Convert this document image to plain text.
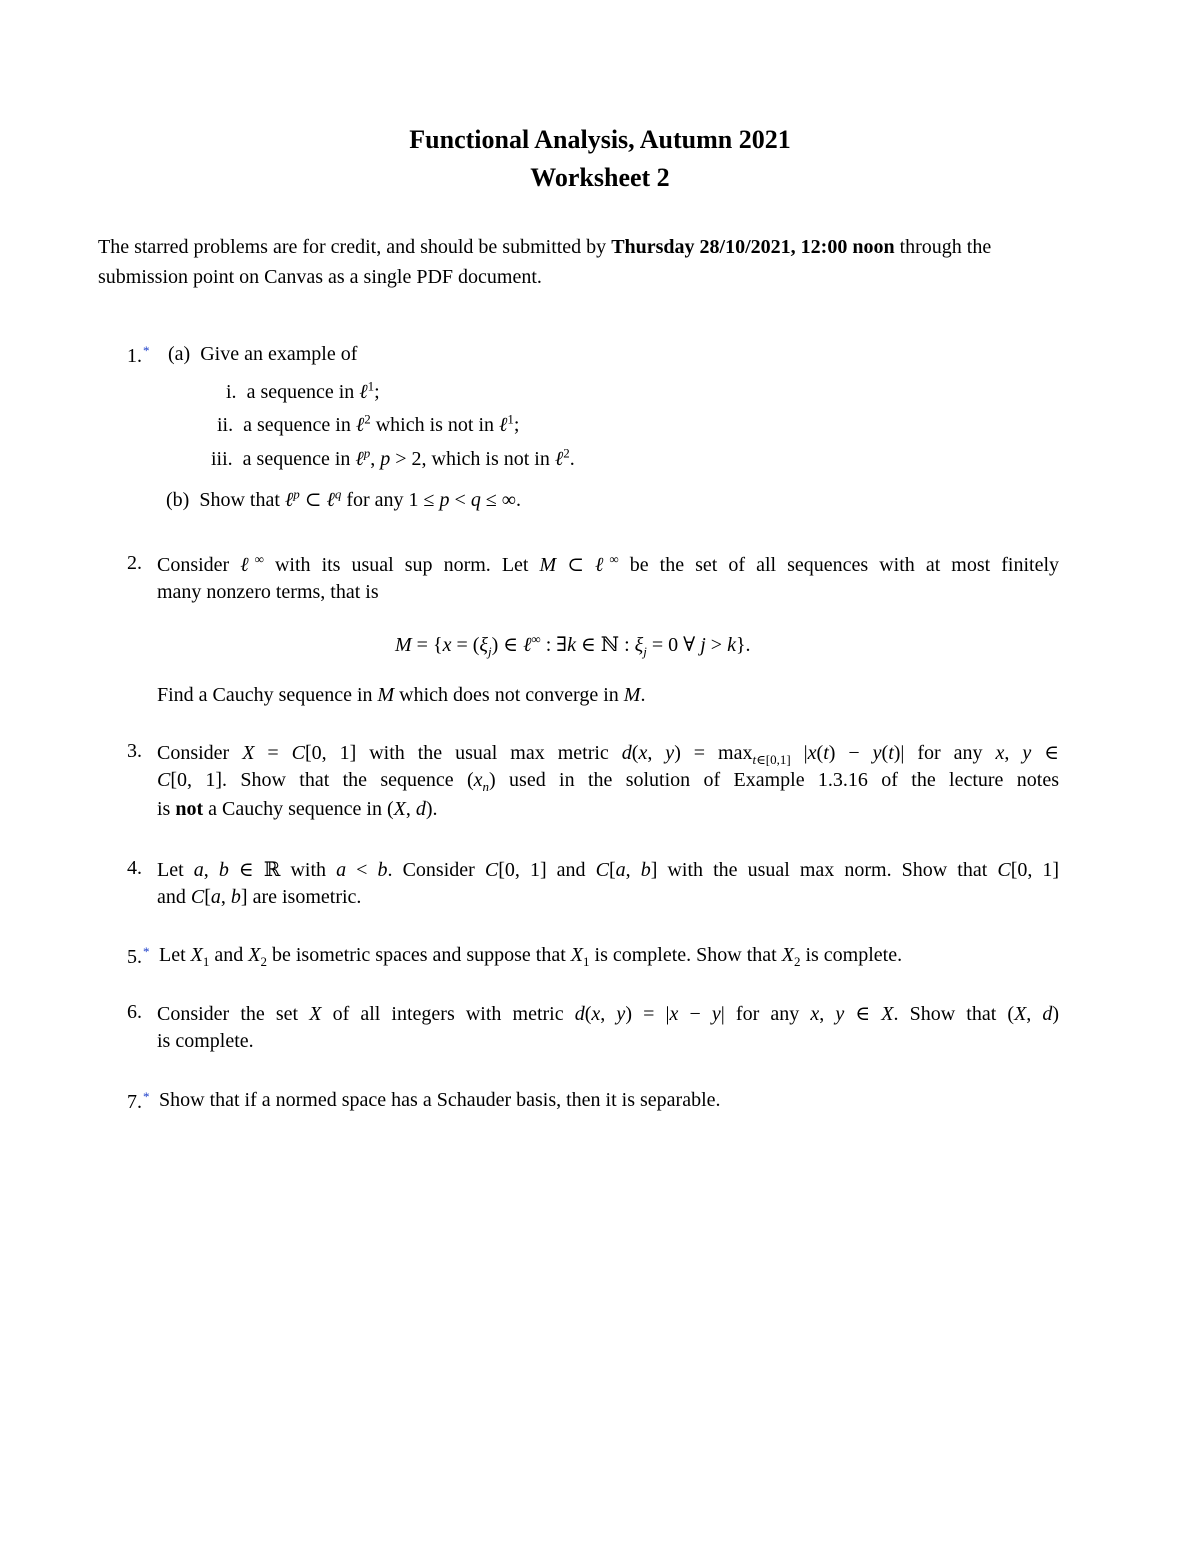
Functional Analysis, Autumn 2021
Worksheet 2
The starred problems are for credit, and should be submitted by Thursday 28/10/2021, 12:00 noon through the submission point on Canvas as a single PDF document.
1.* (a) Give an example of
i. a sequence in ℓ$^1$;
ii. a sequence in ℓ$^2$ which is not in ℓ$^1$;
iii. a sequence in ℓ$^p$, p > 2, which is not in ℓ$^2$.
(b) Show that ℓ$^p$ ⊂ ℓ$^q$ for any 1 ≤ p < q ≤ ∞.
2. Consider ℓ∞ with its usual sup norm. Let M ⊂ ℓ∞ be the set of all sequences with at most finitely
many nonzero terms, that is
$M = \{x = (\xi_j)$ ∈ ℓ∞ : ∃k ∈ ℕ : $\xi_j = 0$ ∀ j > k}.
Find a Cauchy sequence in M which does not converge in M.
3. Consider X = C[0, 1] with the usual max metric d(x, $y) = \max_{t\in[0,1]} |x(t) - y(t)|$ for any x, y ∈
C[0, 1]. Show that the sequence $(x_n)$ used in the solution of Example 1.3.16 of the lecture notes
is not a Cauchy sequence in (X, d).
4. Let a, b ∈ ℝ with a < b. Consider C[0, 1] and C[a, b] with the usual max norm. Show that C[0, 1]
and C[a, b] are isometric.
5.* Let $X_1$ and $X_2$ be isometric spaces and suppose that $X_1$ is complete. Show that $X_2$ is complete.
6. Consider the set X of all integers with metric d(x, y) = |x − y| for any x, y ∈ X. Show that (X, d)
is complete.
7.* Show that if a normed space has a Schauder basis, then it is separable.
